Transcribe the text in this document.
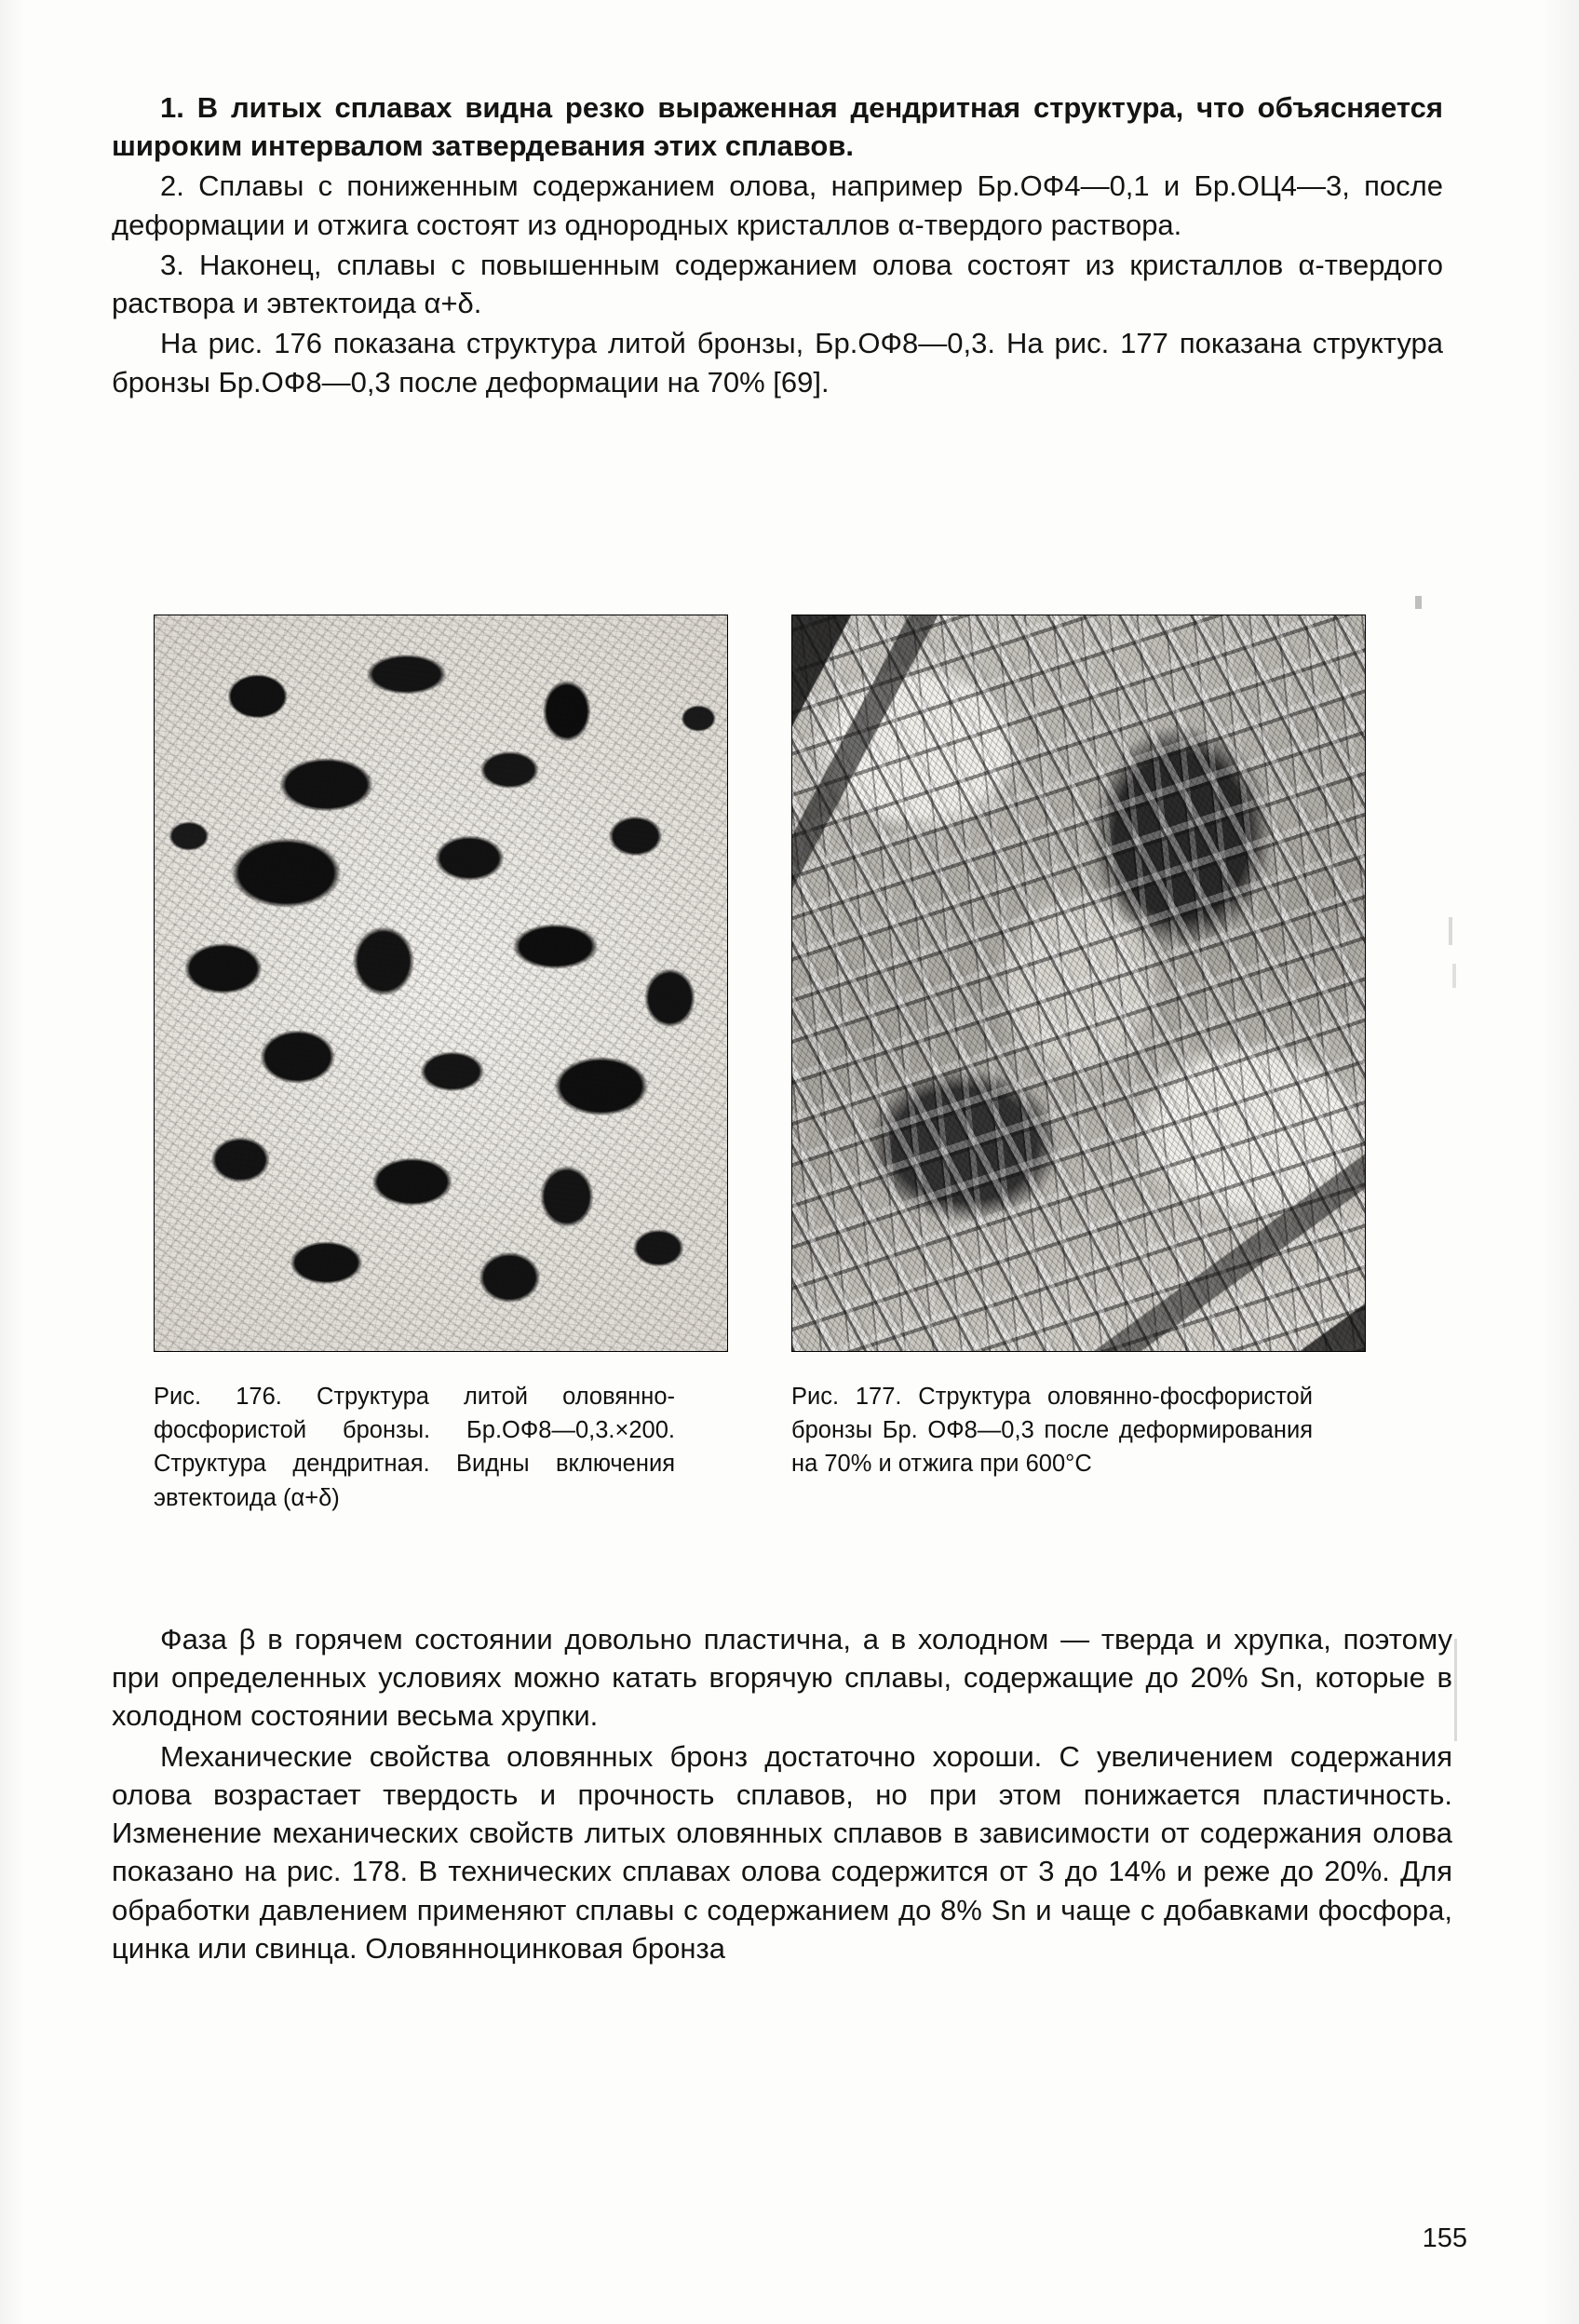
1. В литых сплавах видна резко выраженная дендритная структура, что объясняется широким интервалом затвердевания этих сплавов.

2. Сплавы с пониженным содержанием олова, например Бр.ОФ4—0,1 и Бр.ОЦ4—3, после деформации и отжига состоят из однородных кристаллов α-твердого раствора.

3. Наконец, сплавы с повышенным содержанием олова состоят из кристаллов α-твердого раствора и эвтектоида α+δ.

На рис. 176 показана структура литой бронзы, Бр.ОФ8—0,3. На рис. 177 показана структура бронзы Бр.ОФ8—0,3 после деформации на 70% [69].

Рис. 176. Структура литой оловянно-фосфористой бронзы. Бр.ОФ8—0,3.×200. Структура дендритная. Видны включения эвтектоида (α+δ)
Рис. 177. Структура оловянно-фосфористой бронзы Бр. ОФ8—0,3 после деформирования на 70% и отжига при 600°C

Фаза β в горячем состоянии довольно пластична, а в холодном — тверда и хрупка, поэтому при определенных условиях можно катать вгорячую сплавы, содержащие до 20% Sn, которые в холодном состоянии весьма хрупки.

Механические свойства оловянных бронз достаточно хороши. С увеличением содержания олова возрастает твердость и прочность сплавов, но при этом понижается пластичность. Изменение механических свойств литых оловянных сплавов в зависимости от содержания олова показано на рис. 178. В технических сплавах олова содержится от 3 до 14% и реже до 20%. Для обработки давлением применяют сплавы с содержанием до 8% Sn и чаще с добавками фосфора, цинка или свинца. Оловянноцинковая бронза

155
